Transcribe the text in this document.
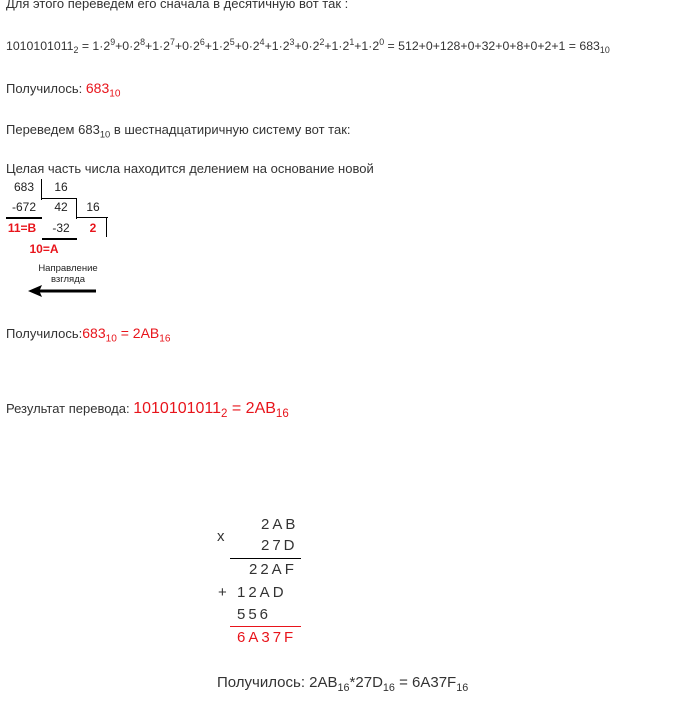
Для этого переведем его сначала в десятичную вот так :
$1010101011_2 = 1\cdot 2^9+0\cdot 2^8+1\cdot 2^7+0\cdot 2^6+1\cdot 2^5+0\cdot 2^4+1\cdot 2^3+0\cdot 2^2+1\cdot 2^1+1\cdot 2^0 = 512+0+128+0+32+0+8+0+2+1 = 683_{10}$
Получилось: $683_{10}$
Переведем $683_{10}$ в шестнадцатиричную систему вот так:
Целая часть числа находится делением на основание новой
683	16
-672	42	16
11=B	-32	2
10=A
Направление
взгляда
$Получилось:683_{10} = 2AB_{16}$
Результат перевода: $1010101011_2 = 2AB_{16}$
x
2AB
27D
22AF
+ 12AD
556
6A37F
Получилось: $2AB_{16}*27D_{16} = 6A37F_{16}$
